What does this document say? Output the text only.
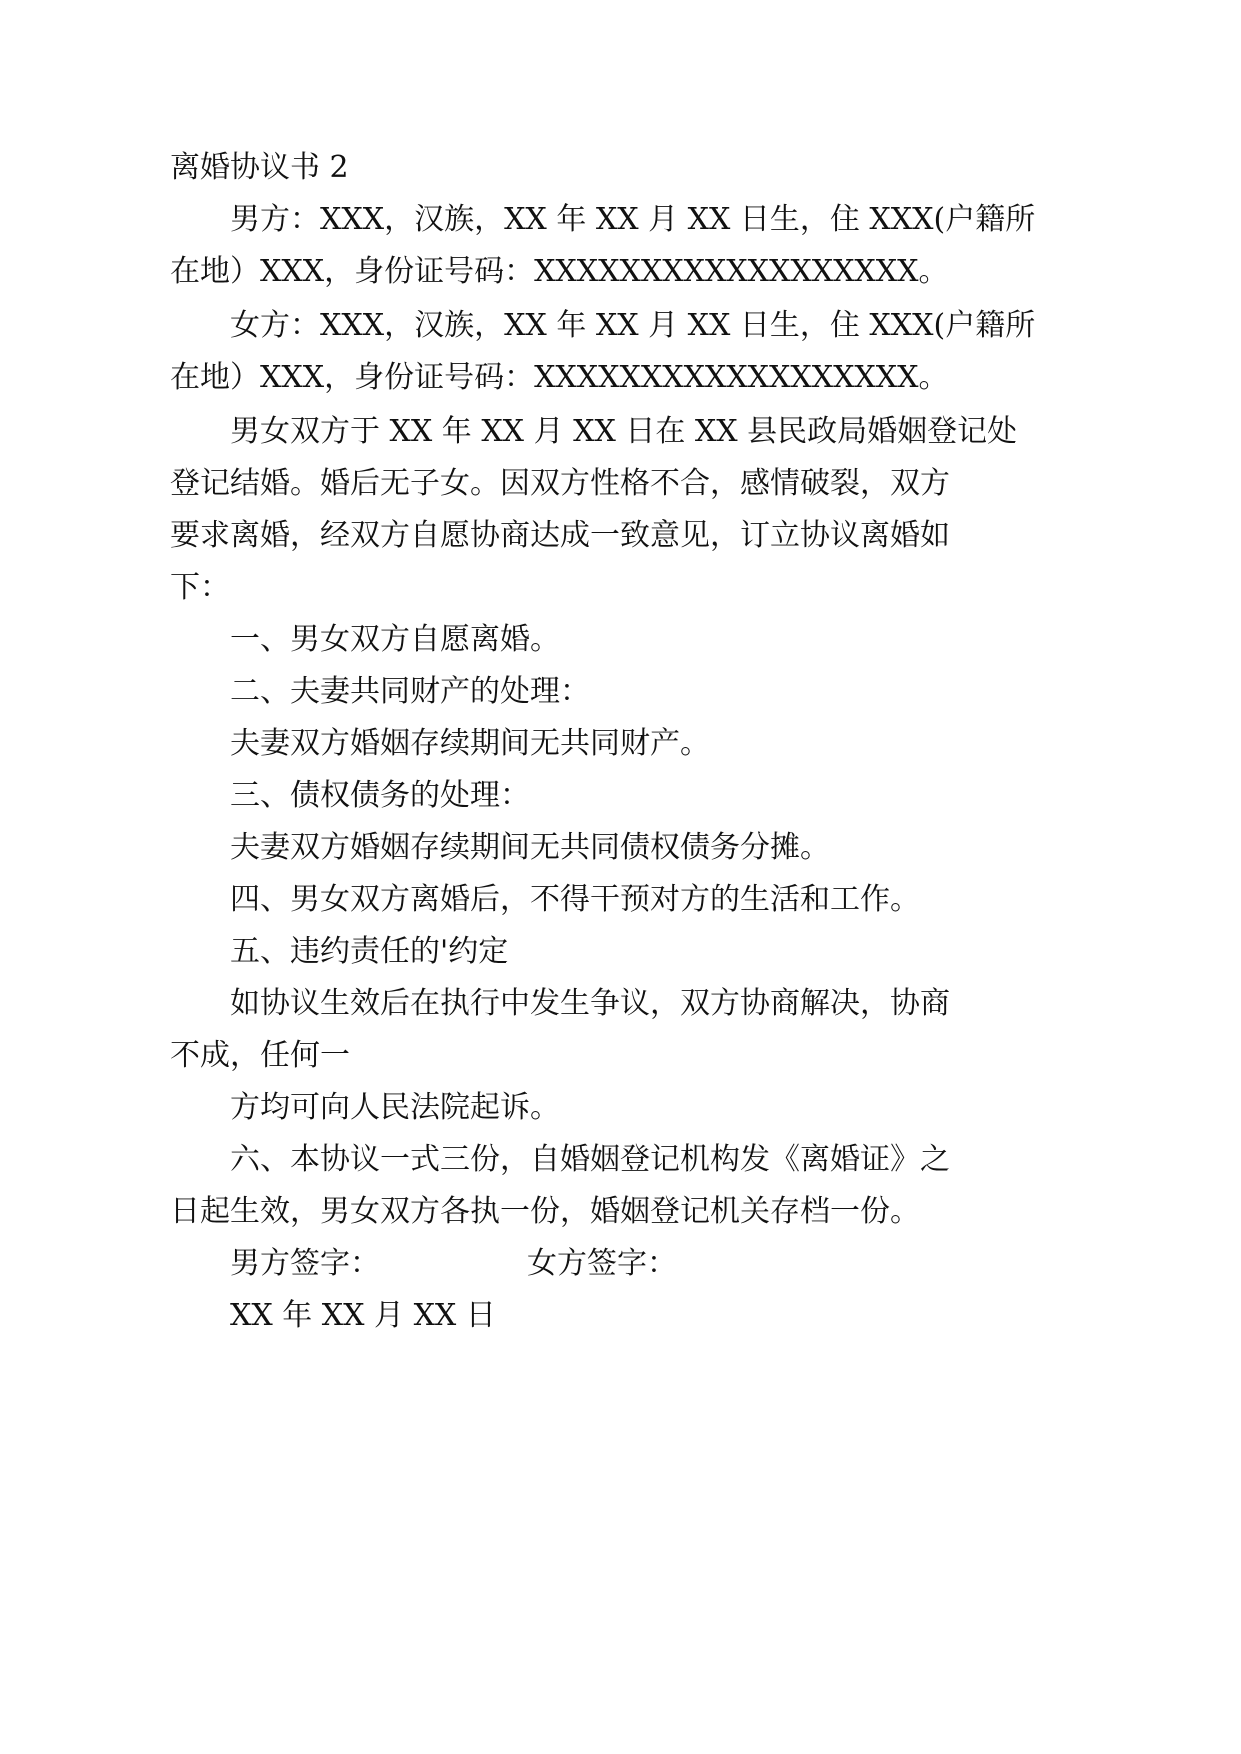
离婚协议书 2
男方：XXX，汉族，XX 年 XX 月 XX 日生，住 XXX(户籍所
在地）XXX，身份证号码：XXXXXXXXXXXXXXXXXX。
女方：XXX，汉族，XX 年 XX 月 XX 日生，住 XXX(户籍所
在地）XXX，身份证号码：XXXXXXXXXXXXXXXXXX。
男女双方于 XX 年 XX 月 XX 日在 XX 县民政局婚姻登记处
登记结婚。婚后无子女。因双方性格不合，感情破裂，双方
要求离婚，经双方自愿协商达成一致意见，订立协议离婚如
下：
一、男女双方自愿离婚。
二、夫妻共同财产的处理：
夫妻双方婚姻存续期间无共同财产。
三、债权债务的处理：
夫妻双方婚姻存续期间无共同债权债务分摊。
四、男女双方离婚后，不得干预对方的生活和工作。
五、违约责任的'约定
如协议生效后在执行中发生争议，双方协商解决，协商
不成，任何一
方均可向人民法院起诉。
六、本协议一式三份，自婚姻登记机构发《离婚证》之
日起生效，男女双方各执一份，婚姻登记机关存档一份。
男方签字：	女方签字：
XX 年 XX 月 XX 日
